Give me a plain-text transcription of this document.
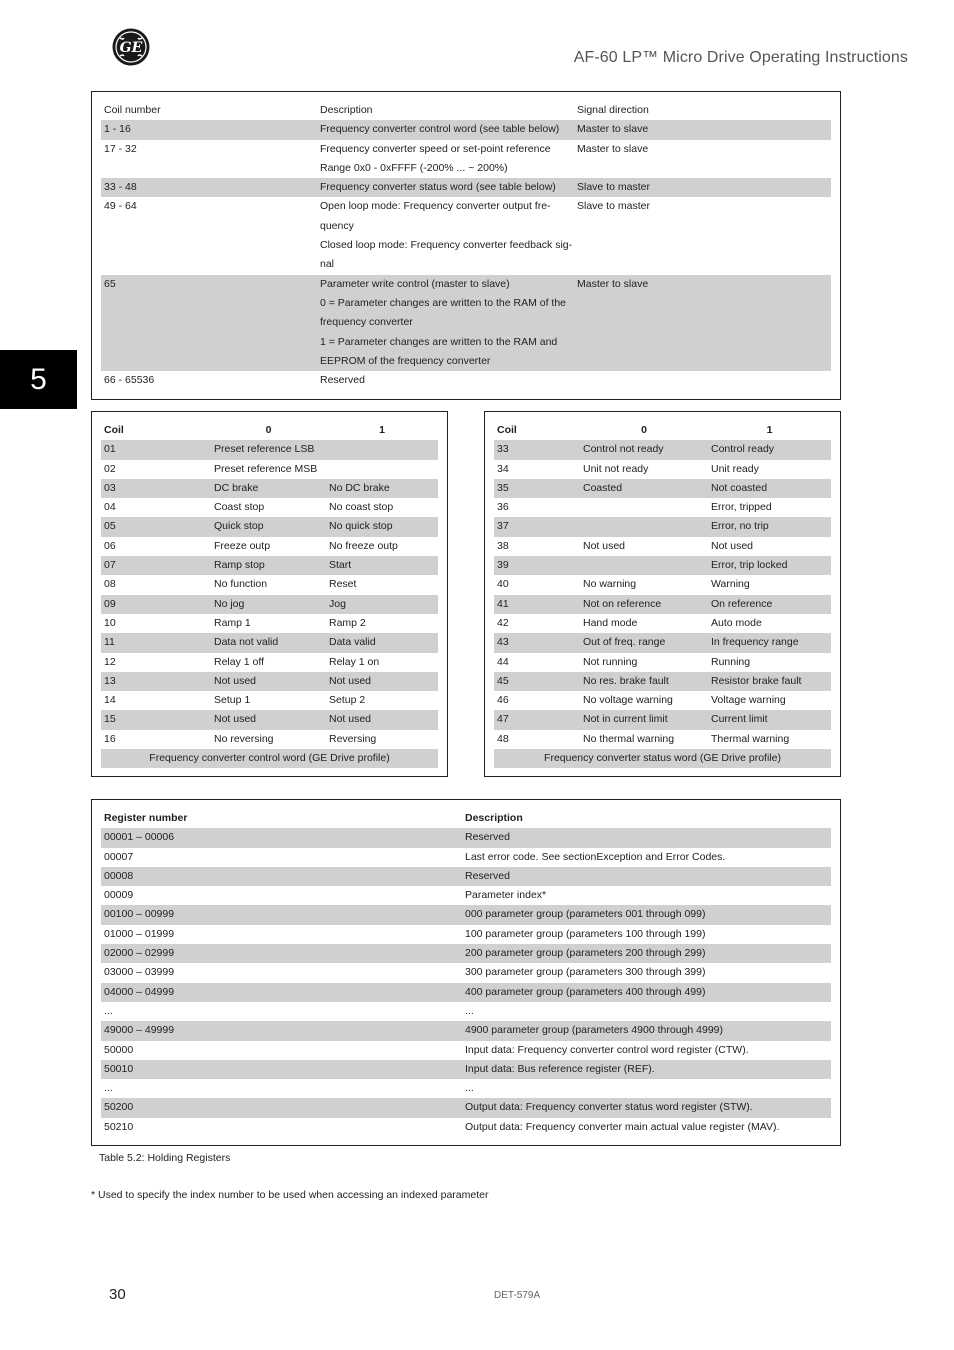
GE
AF-60 LP™ Micro Drive Operating Instructions
5
Coil number	Description	Signal direction
1 - 16	Frequency converter control word (see table below)	Master to slave
17 - 32	Frequency converter speed or set-point reference	Master to slave
	Range 0x0 - 0xFFFF (-200% ... ~ 200%)	
33 - 48	Frequency converter status word (see table below)	Slave to master
49 - 64	Open loop mode: Frequency converter output fre-	Slave to master
	quency	
	Closed loop mode: Frequency converter feedback sig-	
	nal	
65	Parameter write control (master to slave)	Master to slave
	0 = Parameter changes are written to the RAM of the	
	frequency converter	
	1 = Parameter changes are written to the RAM and	
	EEPROM of the frequency converter	
66 - 65536	Reserved	
Coil	0	1
01	Preset reference LSB	
02	Preset reference MSB	
03	DC brake	No DC brake
04	Coast stop	No coast stop
05	Quick stop	No quick stop
06	Freeze outp	No freeze outp
07	Ramp stop	Start
08	No function	Reset
09	No jog	Jog
10	Ramp 1	Ramp 2
11	Data not valid	Data valid
12	Relay 1 off	Relay 1 on
13	Not used	Not used
14	Setup 1	Setup 2
15	Not used	Not used
16	No reversing	Reversing
Frequency converter control word (GE Drive profile)		
Coil	0	1
33	Control not ready	Control ready
34	Unit not ready	Unit ready
35	Coasted	Not coasted
36		Error, tripped
37		Error, no trip
38	Not used	Not used
39		Error, trip locked
40	No warning	Warning
41	Not on reference	On reference
42	Hand mode	Auto mode
43	Out of freq. range	In frequency range
44	Not running	Running
45	No res. brake fault	Resistor brake fault
46	No voltage warning	Voltage warning
47	Not in current limit	Current limit
48	No thermal warning	Thermal warning
Frequency converter status word (GE Drive profile)		
Register number	Description
00001 – 00006	Reserved
00007	Last error code. See sectionException and Error Codes.
00008	Reserved
00009	Parameter index*
00100 – 00999	000 parameter group (parameters 001 through 099)
01000 – 01999	100 parameter group (parameters 100 through 199)
02000 – 02999	200 parameter group (parameters 200 through 299)
03000 – 03999	300 parameter group (parameters 300 through 399)
04000 – 04999	400 parameter group (parameters 400 through 499)
...	...
49000 – 49999	4900 parameter group (parameters 4900 through 4999)
50000	Input data: Frequency converter control word register (CTW).
50010	Input data: Bus reference register (REF).
...	...
50200	Output data: Frequency converter status word register (STW).
50210	Output data: Frequency converter main actual value register (MAV).
Table 5.2: Holding Registers
* Used to specify the index number to be used when accessing an indexed parameter
30	DET-579A
